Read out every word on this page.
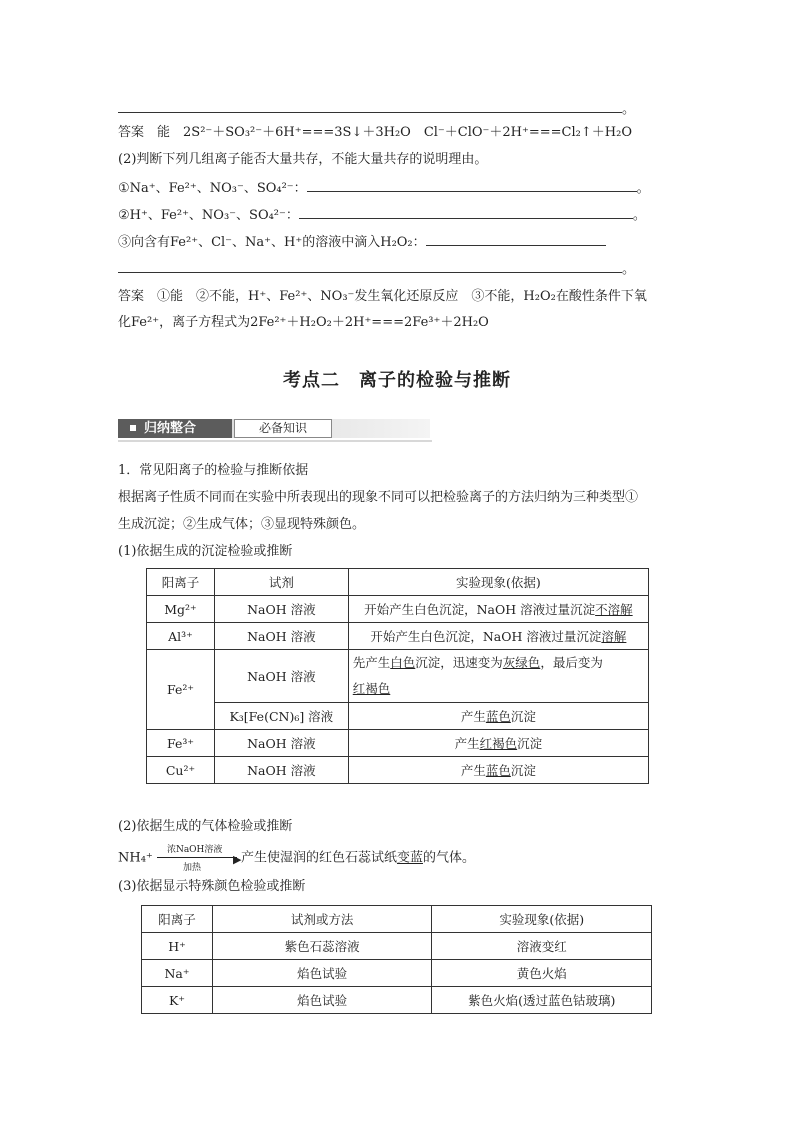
。
答案　 能　2S²⁻＋SO₃²⁻＋6H⁺===3S↓＋3H₂O　Cl⁻＋ClO⁻＋2H⁺===Cl₂↑＋H₂O
(2)判断下列几组离子能否大量共存，不能大量共存的说明理由。
①Na⁺、Fe²⁺、NO₃⁻、SO₄²⁻：	。
②H⁺、Fe²⁺、NO₃⁻、SO₄²⁻：	。
③向含有Fe²⁺、Cl⁻、Na⁺、H⁺的溶液中滴入H₂O₂：
。
答案　 ①能　②不能，H⁺、Fe²⁺、NO₃⁻发生氧化还原反应　③不能，H₂O₂在酸性条件下氧
化Fe²⁺，离子方程式为2Fe²⁺＋H₂O₂＋2H⁺===2Fe³⁺＋2H₂O
考点二　离子的检验与推断
归纳整合	必备知识
1．常见阳离子的检验与推断依据
根据离子性质不同而在实验中所表现出的现象不同可以把检验离子的方法归纳为三种类型①
生成沉淀；②生成气体；③显现特殊颜色。
(1)依据生成的沉淀检验或推断
阳离子	试剂	实验现象(依据)
Mg²⁺	NaOH 溶液	开始产生白色沉淀，NaOH 溶液过量沉淀不溶解
Al³⁺	NaOH 溶液	开始产生白色沉淀，NaOH 溶液过量沉淀溶解
Fe²⁺	NaOH 溶液	先产生白色沉淀，迅速变为灰绿色，最后变为
红褐色
	K₃[Fe(CN)₆] 溶液	产生蓝色沉淀
Fe³⁺	NaOH 溶液	产生红褐色沉淀
Cu²⁺	NaOH 溶液	产生蓝色沉淀
(2)依据生成的气体检验或推断
NH₄⁺
浓NaOH溶液
▶
加热
产生使湿润的红色石蕊试纸变蓝的气体。
(3)依据显示特殊颜色检验或推断
阳离子	试剂或方法	实验现象(依据)
H⁺	紫色石蕊溶液	溶液变红
Na⁺	焰色试验	黄色火焰
K⁺	焰色试验	紫色火焰(透过蓝色钴玻璃)
